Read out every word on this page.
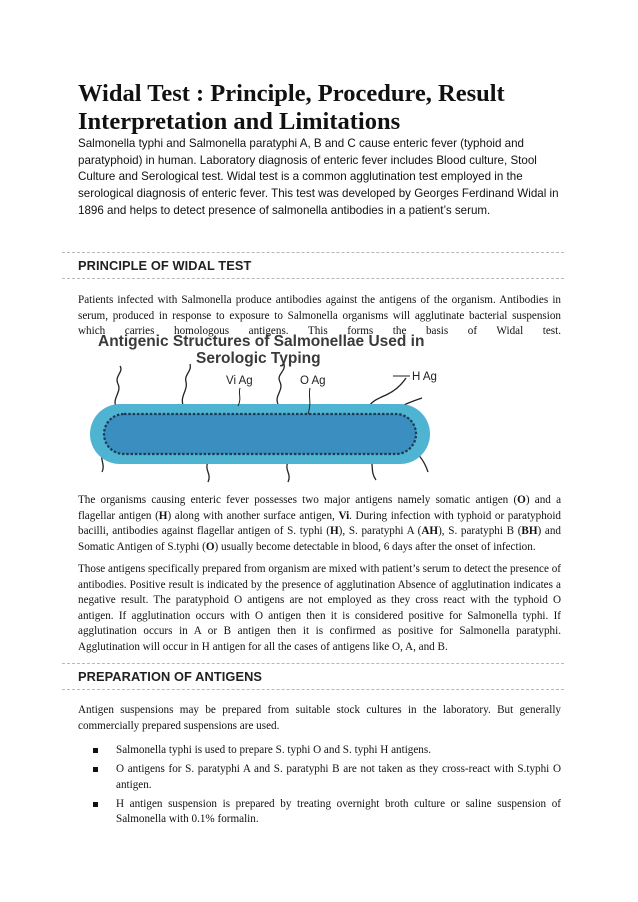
Widal Test : Principle, Procedure, Result Interpretation and Limitations

Salmonella typhi and Salmonella paratyphi A, B and C cause enteric fever (typhoid and paratyphoid) in human. Laboratory diagnosis of enteric fever includes Blood culture, Stool Culture and Serological test. Widal test is a common agglutination test employed in the serological diagnosis of enteric fever. This test was developed by Georges Ferdinand Widal in 1896 and helps to detect presence of salmonella antibodies in a patient’s serum.

PRINCIPLE OF WIDAL TEST

Patients infected with Salmonella produce antibodies against the antigens of the organism. Antibodies in serum, produced in response to exposure to Salmonella organisms will agglutinate bacterial suspension which carries homologous antigens. This forms the basis of Widal test.

Antigenic Structures of Salmonellae Used in
Serologic Typing
Vi Ag	O Ag	H Ag

The organisms causing enteric fever possesses two major antigens namely somatic antigen (O) and a flagellar antigen (H) along with another surface antigen, Vi. During infection with typhoid or paratyphoid bacilli, antibodies against flagellar antigen of S. typhi (H), S. paratyphi A (AH), S. paratyphi B (BH) and Somatic Antigen of S.typhi (O) usually become detectable in blood, 6 days after the onset of infection.

Those antigens specifically prepared from organism are mixed with patient’s serum to detect the presence of antibodies. Positive result is indicated by the presence of agglutination Absence of agglutination indicates a negative result. The paratyphoid O antigens are not employed as they cross react with the typhoid O antigen. If agglutination occurs with O antigen then it is considered positive for Salmonella typhi. If agglutination occurs in A or B antigen then it is confirmed as positive for Salmonella paratyphi. Agglutination will occur in H antigen for all the cases of antigens like O, A, and B.

PREPARATION OF ANTIGENS

Antigen suspensions may be prepared from suitable stock cultures in the laboratory. But generally commercially prepared suspensions are used.

Salmonella typhi is used to prepare S. typhi O and S. typhi H antigens.
O antigens for S. paratyphi A and S. paratyphi B are not taken as they cross-react with S.typhi O antigen.
H antigen suspension is prepared by treating overnight broth culture or saline suspension of Salmonella with 0.1% formalin.
